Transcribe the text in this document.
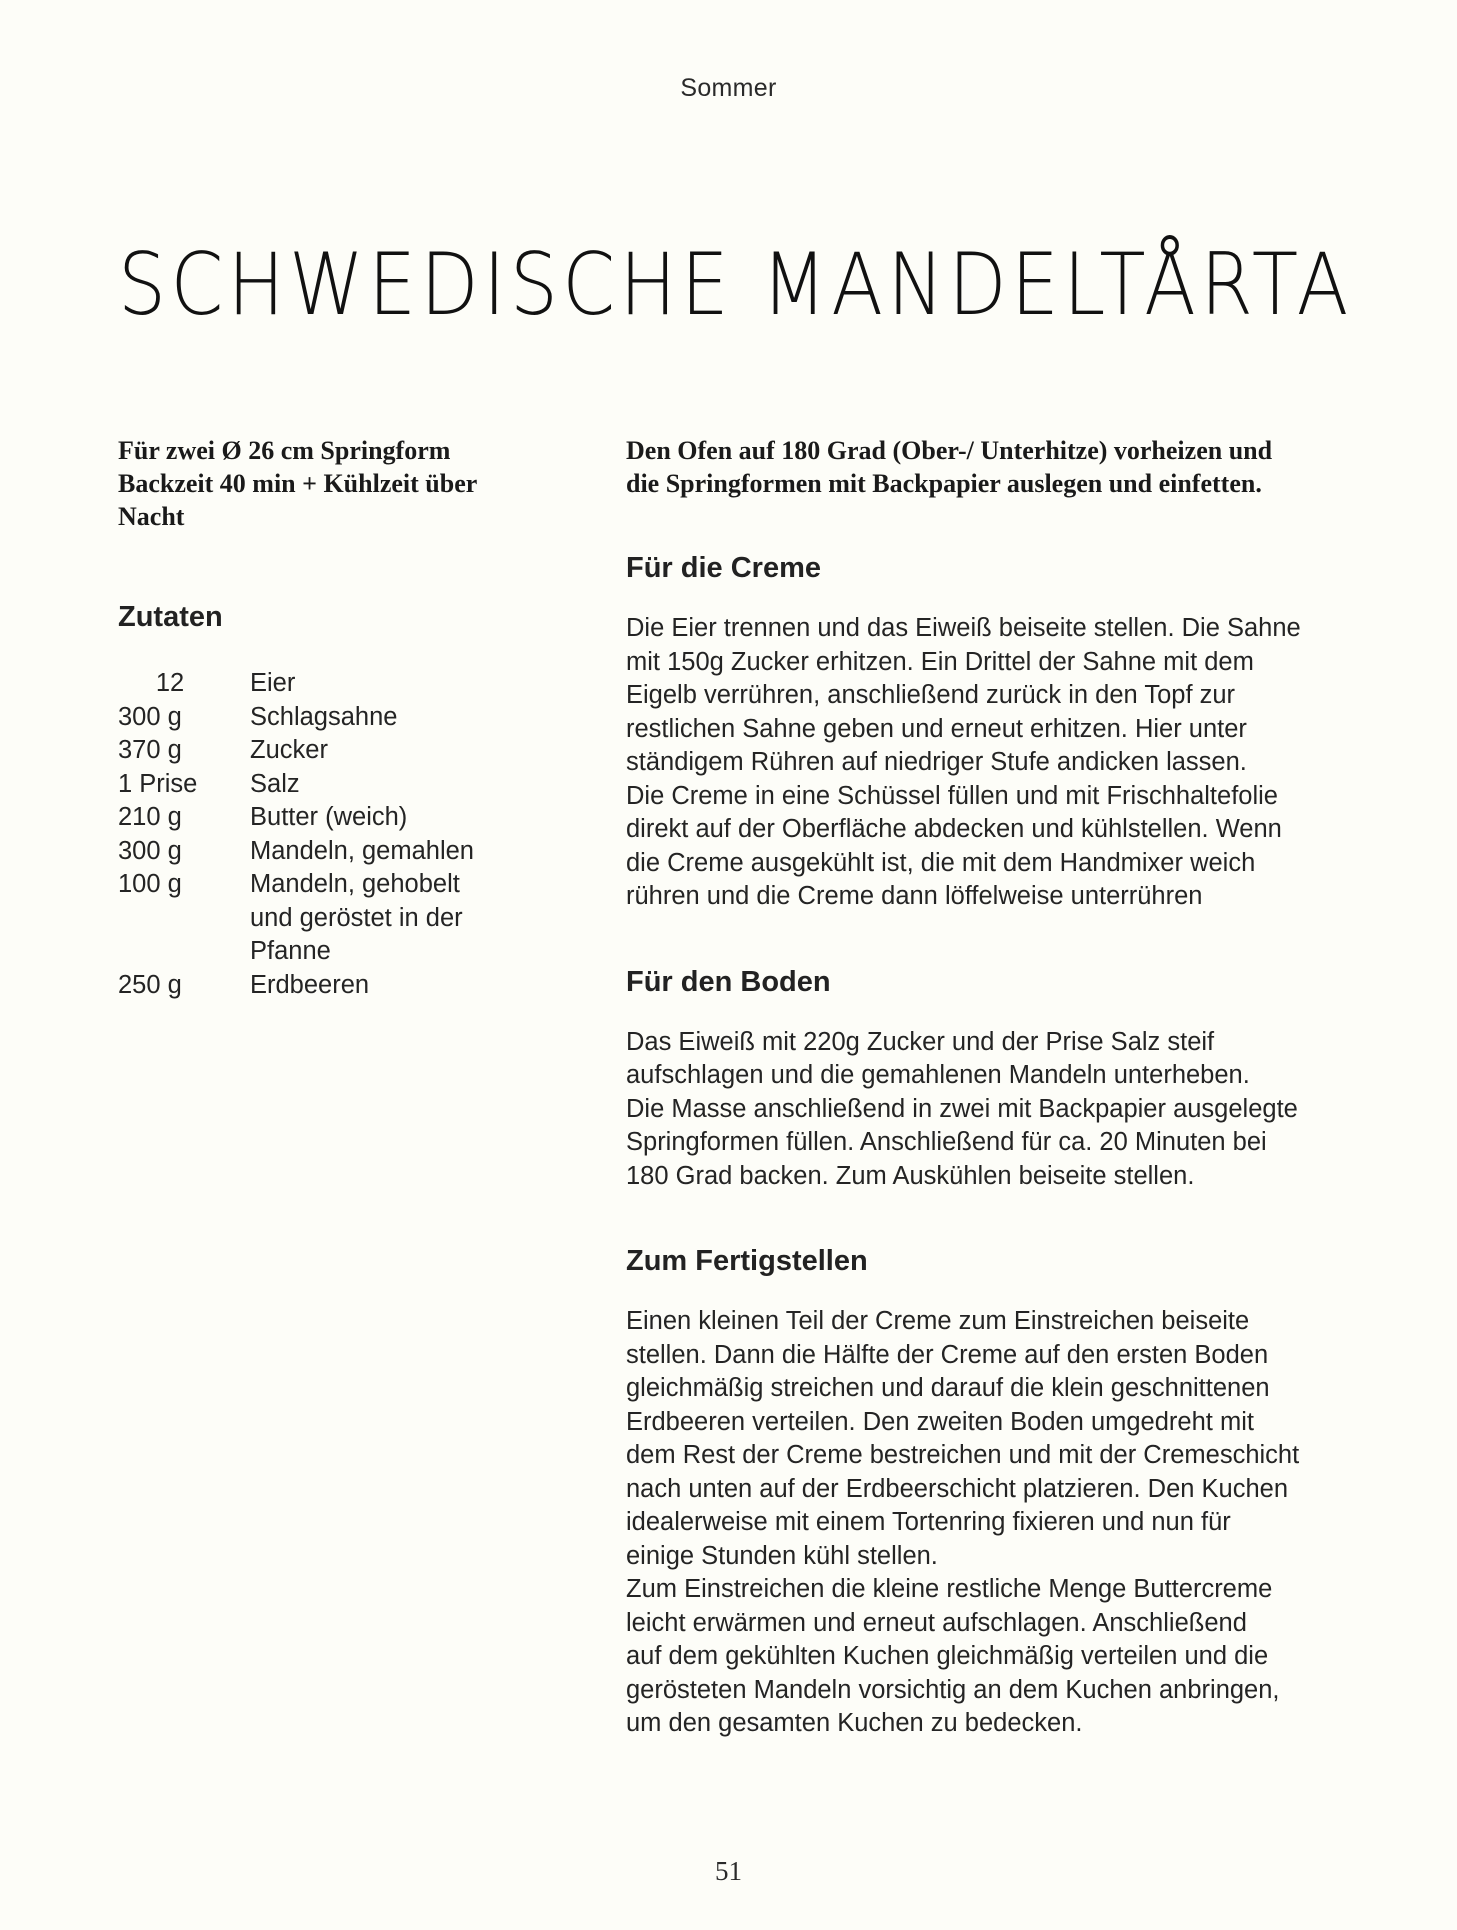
Sommer
SCHWEDISCHE MANDELTÅRTA
Für zwei Ø 26 cm Springform
Backzeit 40 min + Kühlzeit über
Nacht
Zutaten
12	Eier
300 g	Schlagsahne
370 g	Zucker
1 Prise	Salz
210 g	Butter (weich)
300 g	Mandeln, gemahlen
100 g	Mandeln, gehobelt
und geröstet in der
Pfanne
250 g	Erdbeeren

Den Ofen auf 180 Grad (Ober-/ Unterhitze) vorheizen und
die Springformen mit Backpapier auslegen und einfetten.

Für die Creme

Die Eier trennen und das Eiweiß beiseite stellen. Die Sahne
mit 150g Zucker erhitzen. Ein Drittel der Sahne mit dem
Eigelb verrühren, anschließend zurück in den Topf zur
restlichen Sahne geben und erneut erhitzen. Hier unter
ständigem Rühren auf niedriger Stufe andicken lassen.
Die Creme in eine Schüssel füllen und mit Frischhaltefolie
direkt auf der Oberfläche abdecken und kühlstellen. Wenn
die Creme ausgekühlt ist, die mit dem Handmixer weich
rühren und die Creme dann löffelweise unterrühren

Für den Boden

Das Eiweiß mit 220g Zucker und der Prise Salz steif
aufschlagen und die gemahlenen Mandeln unterheben.
Die Masse anschließend in zwei mit Backpapier ausgelegte
Springformen füllen. Anschließend für ca. 20 Minuten bei
180 Grad backen. Zum Auskühlen beiseite stellen.

Zum Fertigstellen

Einen kleinen Teil der Creme zum Einstreichen beiseite
stellen. Dann die Hälfte der Creme auf den ersten Boden
gleichmäßig streichen und darauf die klein geschnittenen
Erdbeeren verteilen. Den zweiten Boden umgedreht mit
dem Rest der Creme bestreichen und mit der Cremeschicht
nach unten auf der Erdbeerschicht platzieren. Den Kuchen
idealerweise mit einem Tortenring fixieren und nun für
einige Stunden kühl stellen.
Zum Einstreichen die kleine restliche Menge Buttercreme
leicht erwärmen und erneut aufschlagen. Anschließend
auf dem gekühlten Kuchen gleichmäßig verteilen und die
gerösteten Mandeln vorsichtig an dem Kuchen anbringen,
um den gesamten Kuchen zu bedecken.

51
